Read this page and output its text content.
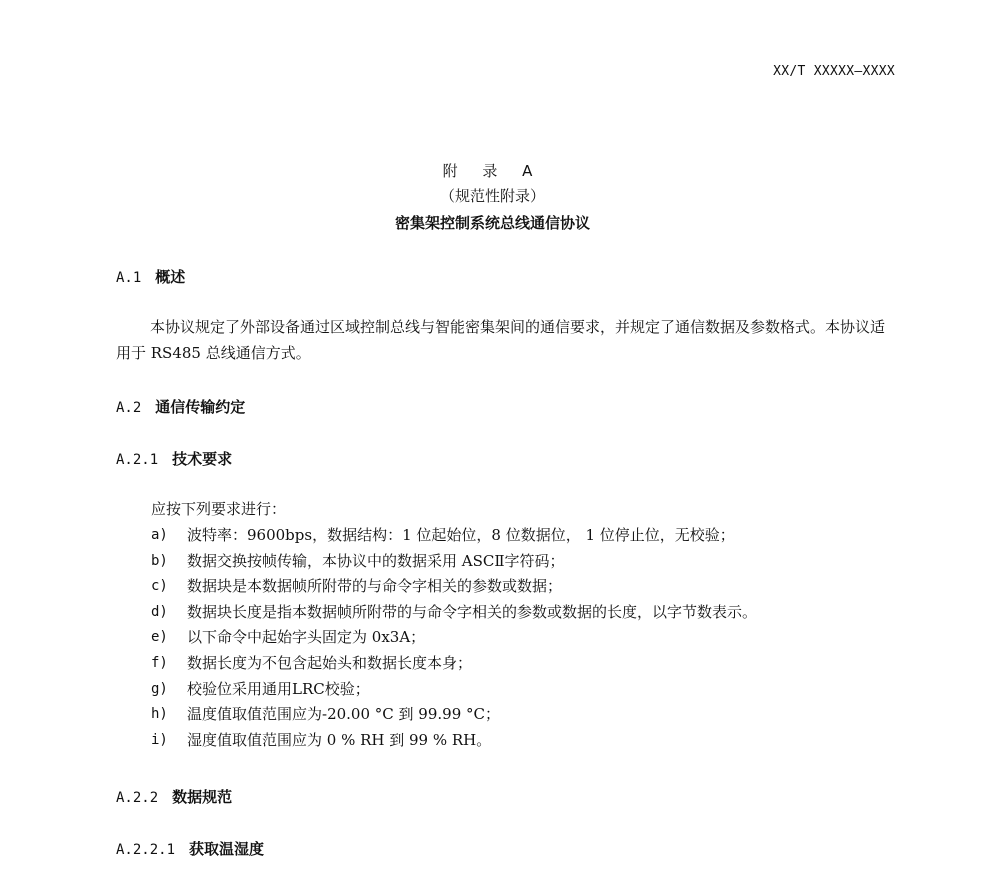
XX/T XXXXX—XXXX
附 录 A
（规范性附录）
密集架控制系统总线通信协议
A.1 概述
本协议规定了外部设备通过区域控制总线与智能密集架间的通信要求，并规定了通信数据及参数格式。本协议适用于 RS485 总线通信方式。
A.2 通信传输约定
A.2.1 技术要求
应按下列要求进行：
a)	波特率：9600bps，数据结构：1 位起始位，8 位数据位， 1 位停止位，无校验；
b)	数据交换按帧传输，本协议中的数据采用 ASCⅡ字符码；
c)	数据块是本数据帧所附带的与命令字相关的参数或数据；
d)	数据块长度是指本数据帧所附带的与命令字相关的参数或数据的长度，以字节数表示。
e)	以下命令中起始字头固定为 0x3A；
f)	数据长度为不包含起始头和数据长度本身；
g)	校验位采用通用LRC校验；
h)	温度值取值范围应为-20.00 °C 到 99.99 °C；
i)	湿度值取值范围应为 0 % RH 到 99 % RH。
A.2.2 数据规范
A.2.2.1 获取温湿度
